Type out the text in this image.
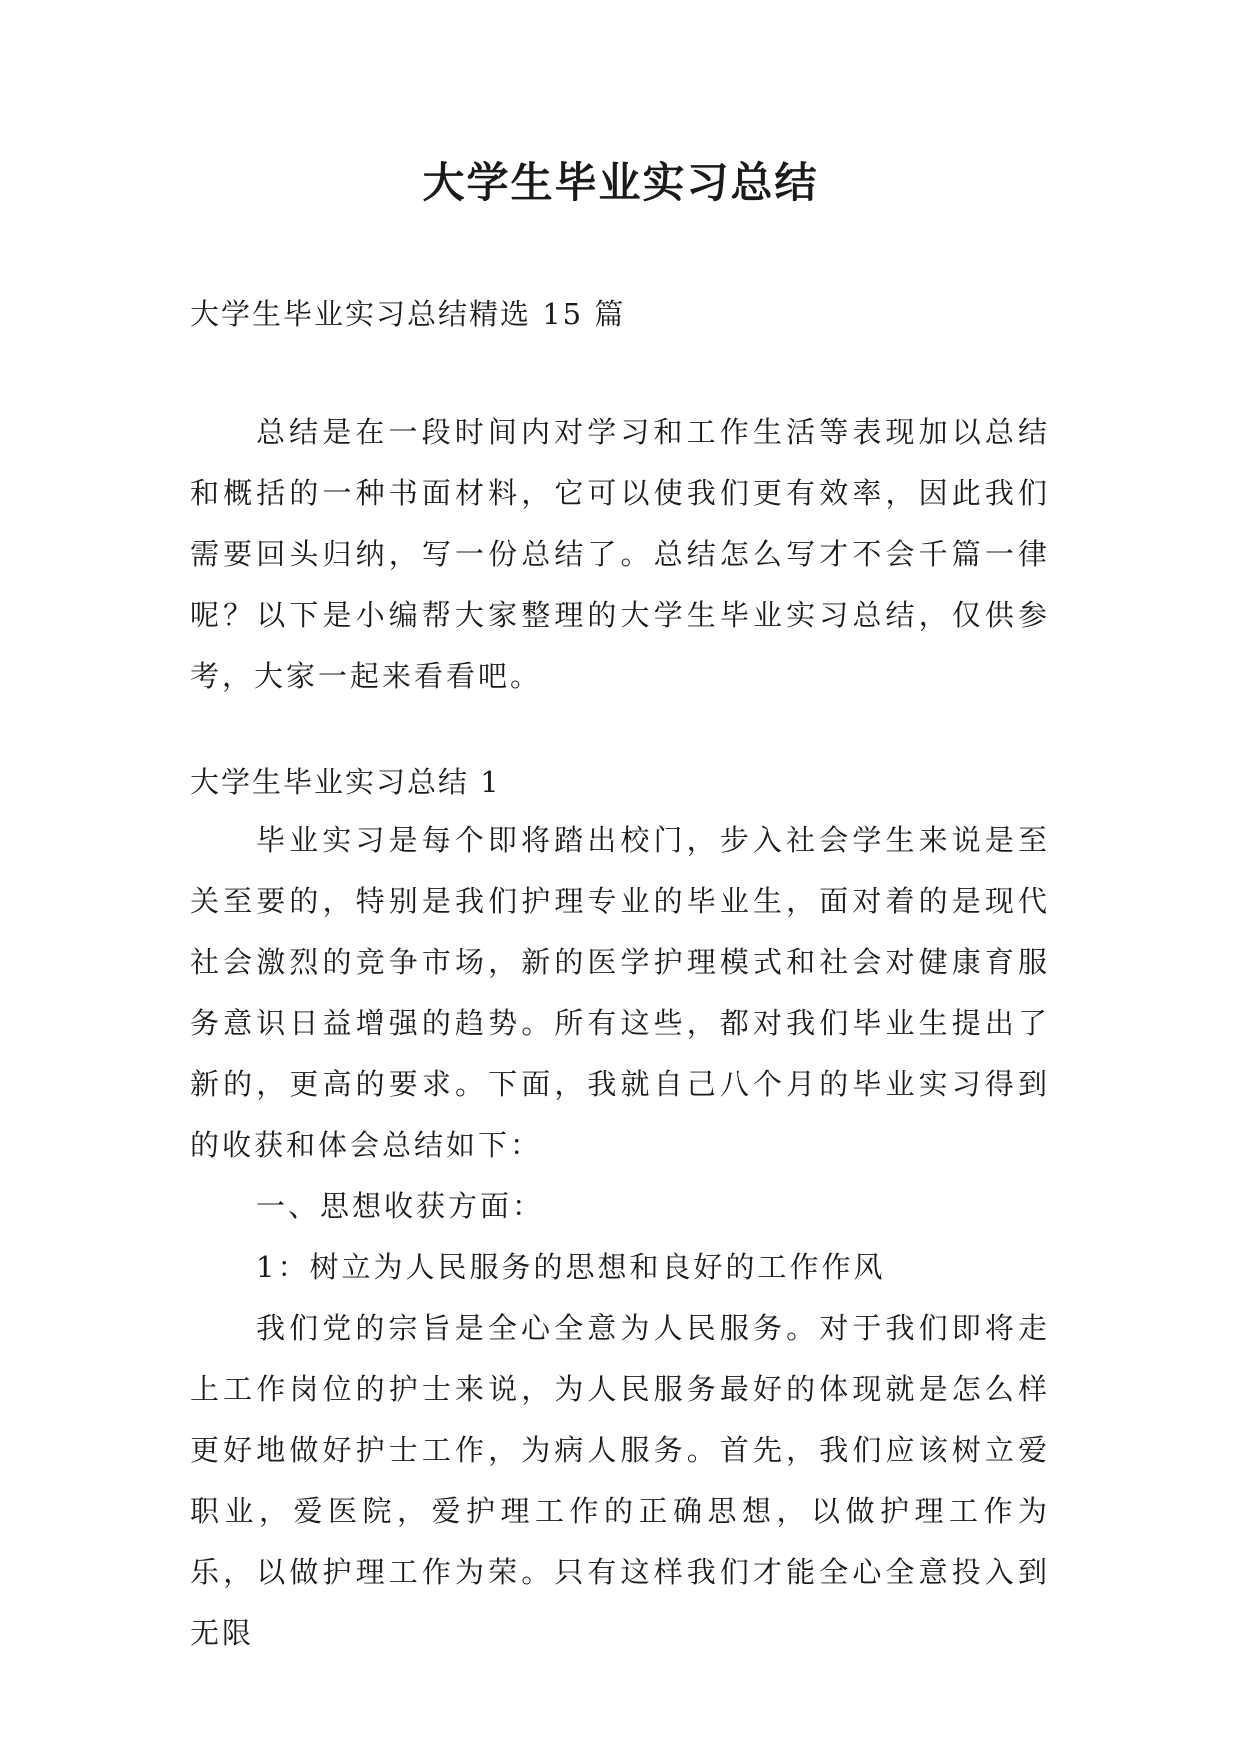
大学生毕业实习总结

大学生毕业实习总结精选 15 篇

总结是在一段时间内对学习和工作生活等表现加以总结和概括的一种书面材料，它可以使我们更有效率，因此我们需要回头归纳，写一份总结了。总结怎么写才不会千篇一律呢？以下是小编帮大家整理的大学生毕业实习总结，仅供参考，大家一起来看看吧。

大学生毕业实习总结 1

毕业实习是每个即将踏出校门，步入社会学生来说是至关至要的，特别是我们护理专业的毕业生，面对着的是现代社会激烈的竞争市场，新的医学护理模式和社会对健康育服务意识日益增强的趋势。所有这些，都对我们毕业生提出了新的，更高的要求。下面，我就自己八个月的毕业实习得到的收获和体会总结如下：

一、思想收获方面：

1：树立为人民服务的思想和良好的工作作风

我们党的宗旨是全心全意为人民服务。对于我们即将走上工作岗位的护士来说，为人民服务最好的体现就是怎么样更好地做好护士工作，为病人服务。首先，我们应该树立爱职业，爱医院，爱护理工作的正确思想，以做护理工作为乐，以做护理工作为荣。只有这样我们才能全心全意投入到无限
